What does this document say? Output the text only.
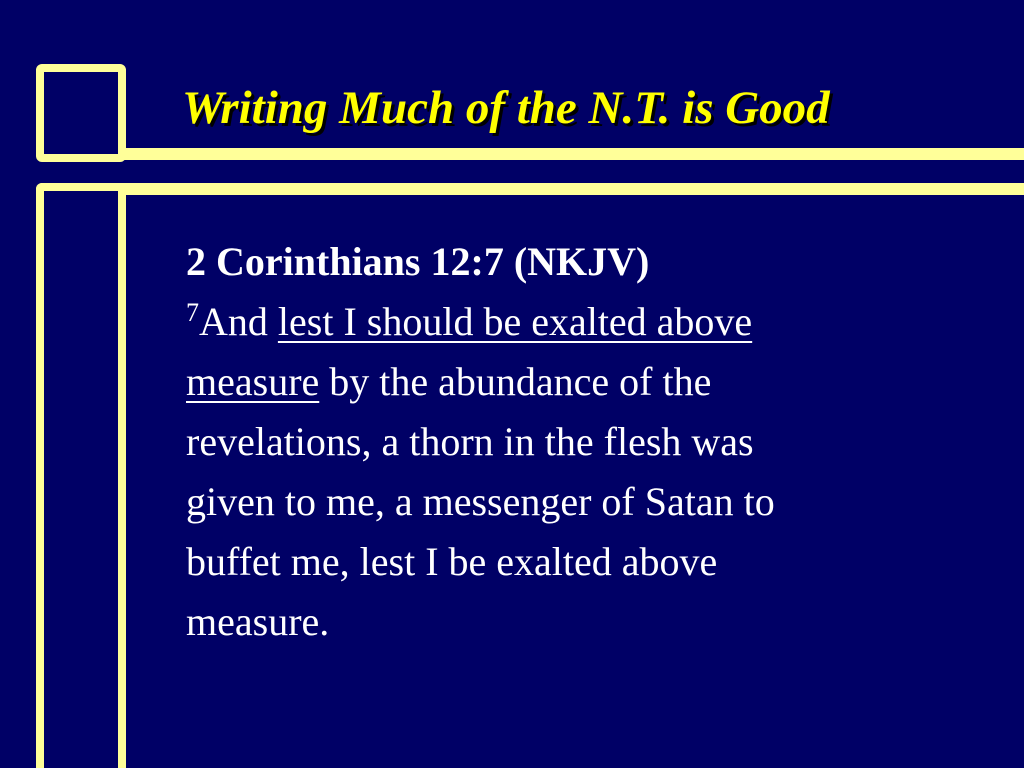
Writing Much of the N.T. is Good

2 Corinthians 12:7 (NKJV)

$^7$And lest I should be exalted above
measure by the abundance of the
revelations, a thorn in the flesh was
given to me, a messenger of Satan to
buffet me, lest I be exalted above
measure.
